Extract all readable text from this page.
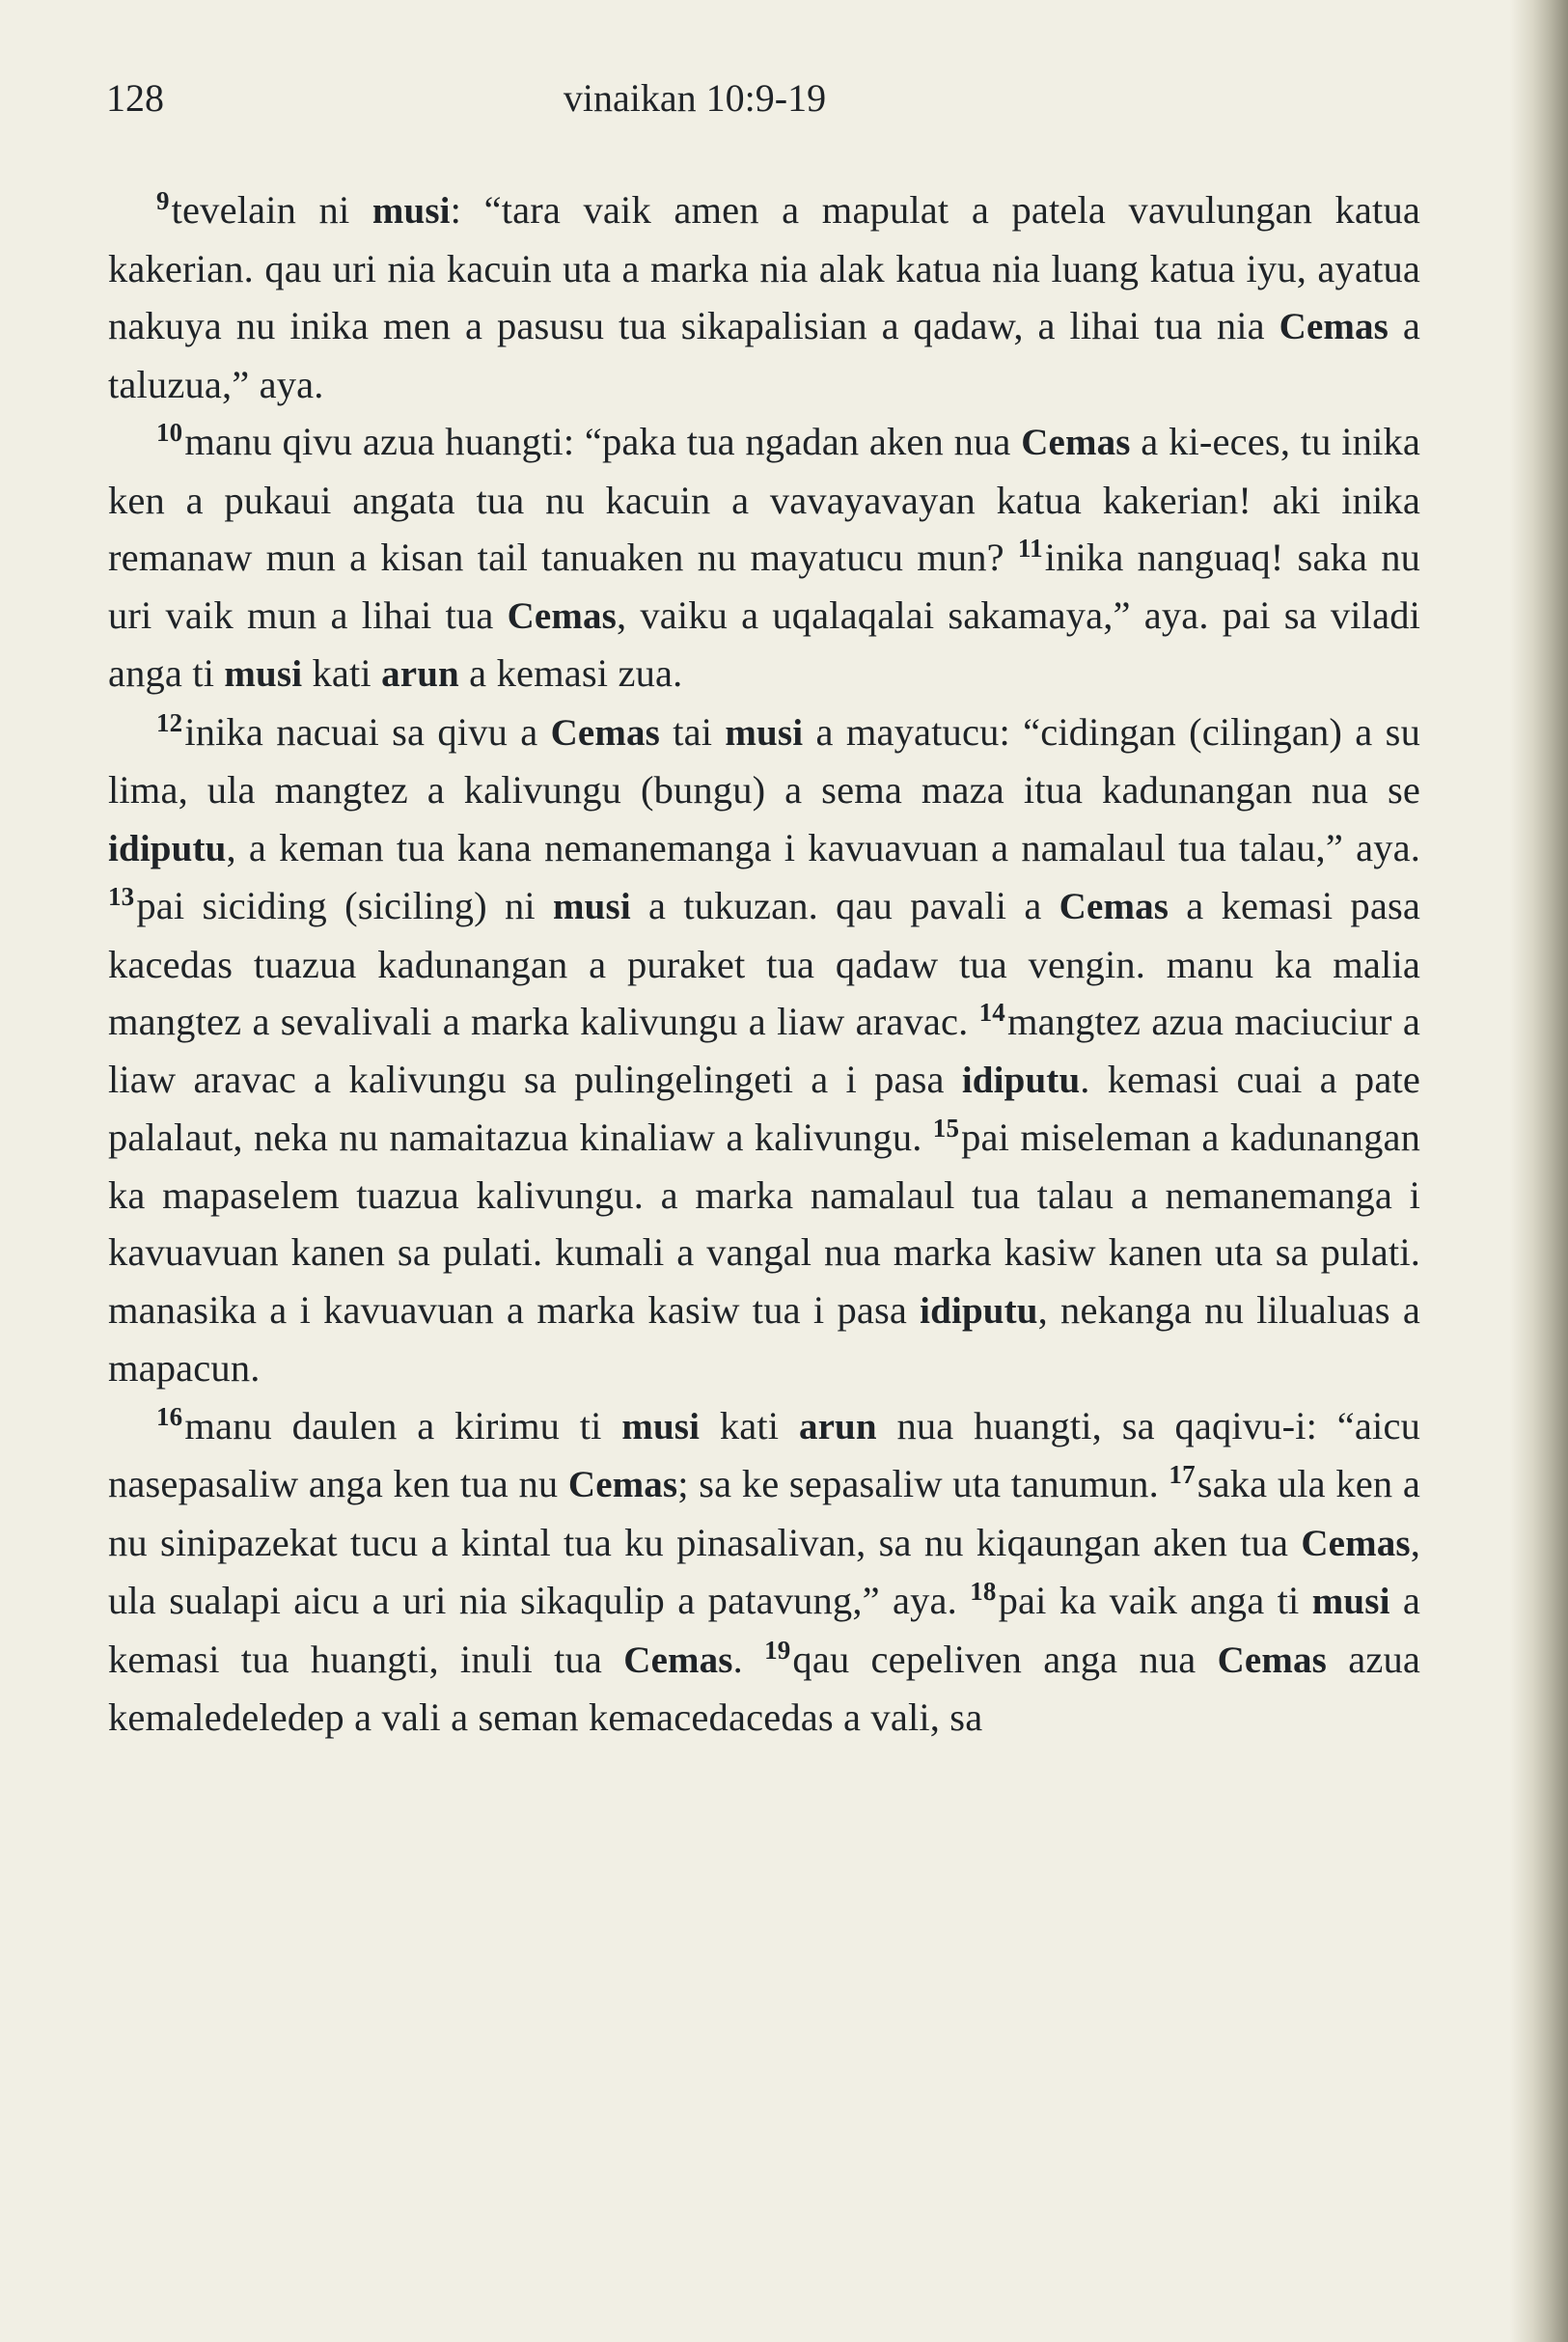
128	vinaikan 10:9-19

$^9$tevelain ni musi: “tara vaik amen a mapulat a patela vavulungan katua kakerian. qau uri nia kacuin uta a marka nia alak katua nia luang katua iyu, ayatua nakuya nu inika men a pasusu tua sikapalisian a qadaw, a lihai tua nia Cemas a taluzua,” aya.

$^{10}$manu qivu azua huangti: “paka tua ngadan aken nua Cemas a ki-eces, tu inika ken a pukaui angata tua nu kacuin a vavayavayan katua kakerian! aki inika remanaw mun a kisan tail tanuaken nu mayatucu mun? $^{11}$inika nanguaq! saka nu uri vaik mun a lihai tua Cemas, vaiku a uqalaqalai sakamaya,” aya. pai sa viladi anga ti musi kati arun a kemasi zua.

$^{12}$inika nacuai sa qivu a Cemas tai musi a mayatucu: “cidingan (cilingan) a su lima, ula mangtez a kalivungu (bungu) a sema maza itua kadunangan nua se idiputu, a keman tua kana nemanemanga i kavuavuan a namalaul tua talau,” aya. $^{13}$pai siciding (siciling) ni musi a tukuzan. qau pavali a Cemas a kemasi pasa kacedas tuazua kadunangan a puraket tua qadaw tua vengin. manu ka malia mangtez a sevalivali a marka kalivungu a liaw aravac. $^{14}$mangtez azua maciuciur a liaw aravac a kalivungu sa pulingelingeti a i pasa idiputu. kemasi cuai a pate palalaut, neka nu namaitazua kinaliaw a kalivungu. $^{15}$pai miseleman a kadunangan ka mapaselem tuazua kalivungu. a marka namalaul tua talau a nemanemanga i kavuavuan kanen sa pulati. kumali a vangal nua marka kasiw kanen uta sa pulati. manasika a i kavuavuan a marka kasiw tua i pasa idiputu, nekanga nu lilualuas a mapacun.

$^{16}$manu daulen a kirimu ti musi kati arun nua huangti, sa qaqivu-i: “aicu nasepasaliw anga ken tua nu Cemas; sa ke sepasaliw uta tanumun. $^{17}$saka ula ken a nu sinipazekat tucu a kintal tua ku pinasalivan, sa nu kiqaungan aken tua Cemas, ula sualapi aicu a uri nia sikaqulip a patavung,” aya. $^{18}$pai ka vaik anga ti musi a kemasi tua huangti, inuli tua Cemas. $^{19}$qau cepeliven anga nua Cemas azua kemaledeledep a vali a seman kemacedacedas a vali, sa
